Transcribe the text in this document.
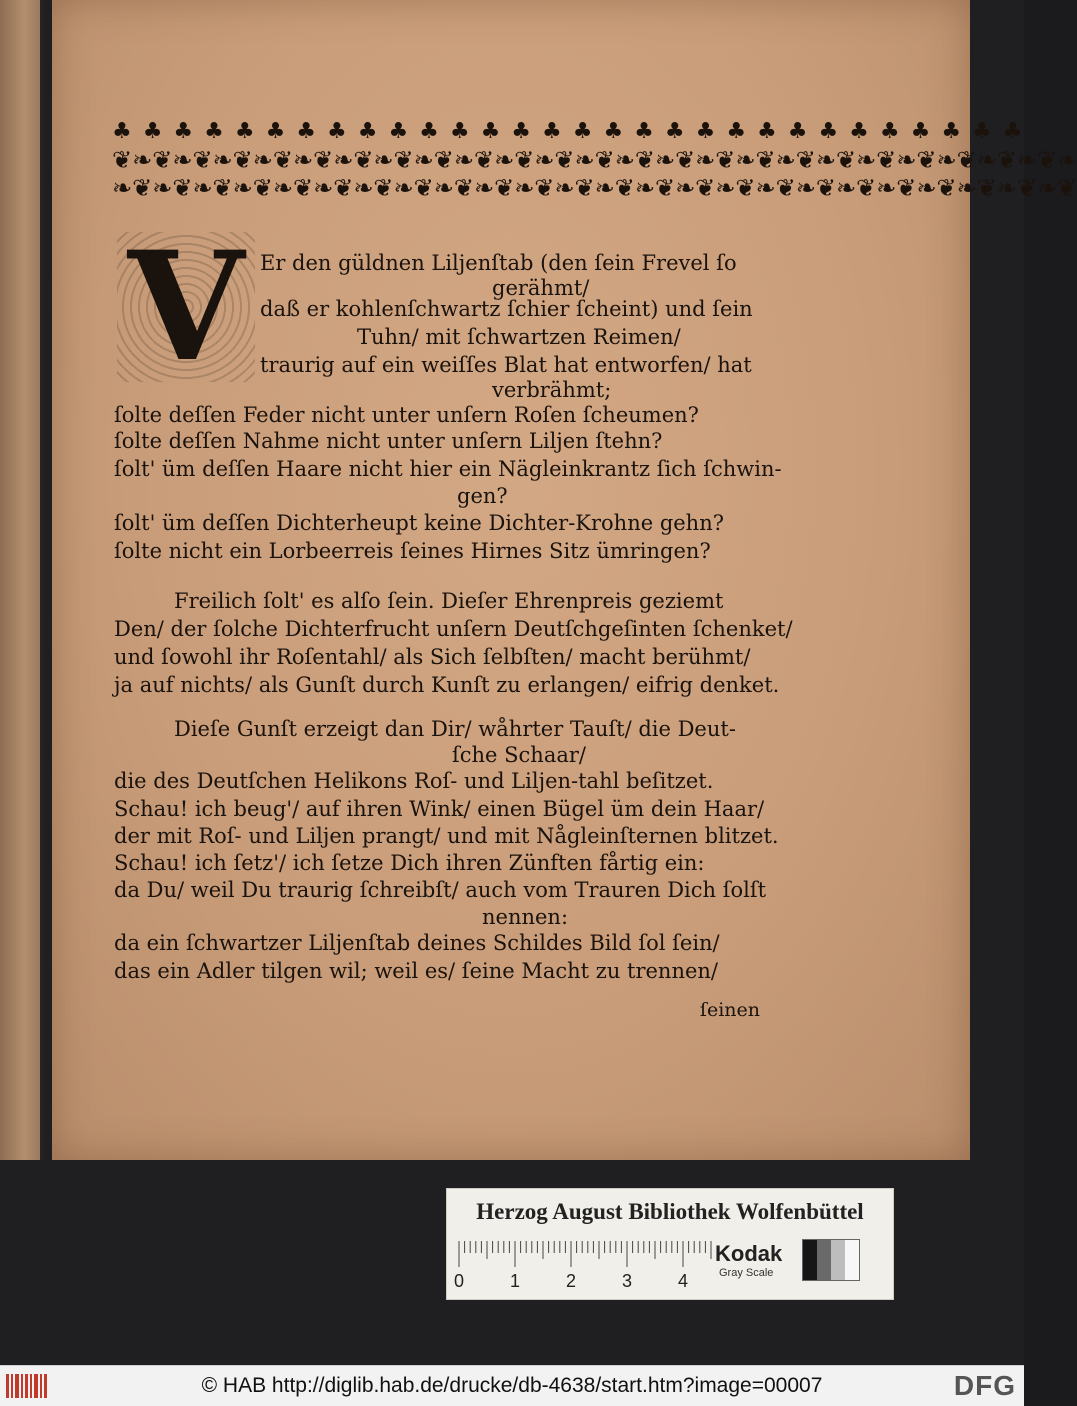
♣ ♣ ♣ ♣ ♣ ♣ ♣ ♣ ♣ ♣ ♣ ♣ ♣ ♣ ♣ ♣ ♣ ♣ ♣ ♣ ♣ ♣ ♣ ♣ ♣ ♣ ♣ ♣ ♣ ♣
❦❧❦❧❦❧❦❧❦❧❦❧❦❧❦❧❦❧❦❧❦❧❦❧❦❧❦❧❦❧❦❧❦❧❦❧❦❧❦❧❦❧❦❧❦❧❦❧
❧❦❧❦❧❦❧❦❧❦❧❦❧❦❧❦❧❦❧❦❧❦❧❦❧❦❧❦❧❦❧❦❧❦❧❦❧❦❧❦❧❦❧❦❧❦❧❦
V Er den güldnen Liljenſtab (den ſein Frevel ſo
gerähmt/
daß er kohlenſchwartz ſchier ſcheint) und ſein
Tuhn/ mit ſchwartzen Reimen/
traurig auf ein weiſſes Blat hat entworfen/ hat
verbrähmt;
ſolte deſſen Feder nicht unter unſern Roſen ſcheumen?
ſolte deſſen Nahme nicht unter unſern Liljen ſtehn?
ſolt' üm deſſen Haare nicht hier ein Nägleinkrantz ſich ſchwin-
gen?
ſolt' üm deſſen Dichterheupt keine Dichter-Krohne gehn?
ſolte nicht ein Lorbeerreis ſeines Hirnes Sitz ümringen?
Freilich ſolt' es alſo ſein. Dieſer Ehrenpreis geziemt
Den/ der ſolche Dichterfrucht unſern Deutſchgeſinten ſchenket/
und ſowohl ihr Roſentahl/ als Sich ſelbſten/ macht berühmt/
ja auf nichts/ als Gunſt durch Kunſt zu erlangen/ eifrig denket.
Dieſe Gunſt erzeigt dan Dir/ wåhrter Tauſt/ die Deut-
ſche Schaar/
die des Deutſchen Helikons Roſ- und Liljen-tahl beſitzet.
Schau! ich beug'/ auf ihren Wink/ einen Bügel üm dein Haar/
der mit Roſ- und Liljen prangt/ und mit Någleinſternen blitzet.
Schau! ich ſetz'/ ich ſetze Dich ihren Zünften fårtig ein:
da Du/ weil Du traurig ſchreibſt/ auch vom Trauren Dich ſolſt
nennen:
da ein ſchwartzer Liljenſtab deines Schildes Bild ſol ſein/
das ein Adler tilgen wil; weil es/ ſeine Macht zu trennen/
ſeinen
Herzog August Bibliothek Wolfenbüttel
0	1	2	3	4
Kodak
Gray Scale
© HAB http://diglib.hab.de/drucke/db-4638/start.htm?image=00007	DFG
